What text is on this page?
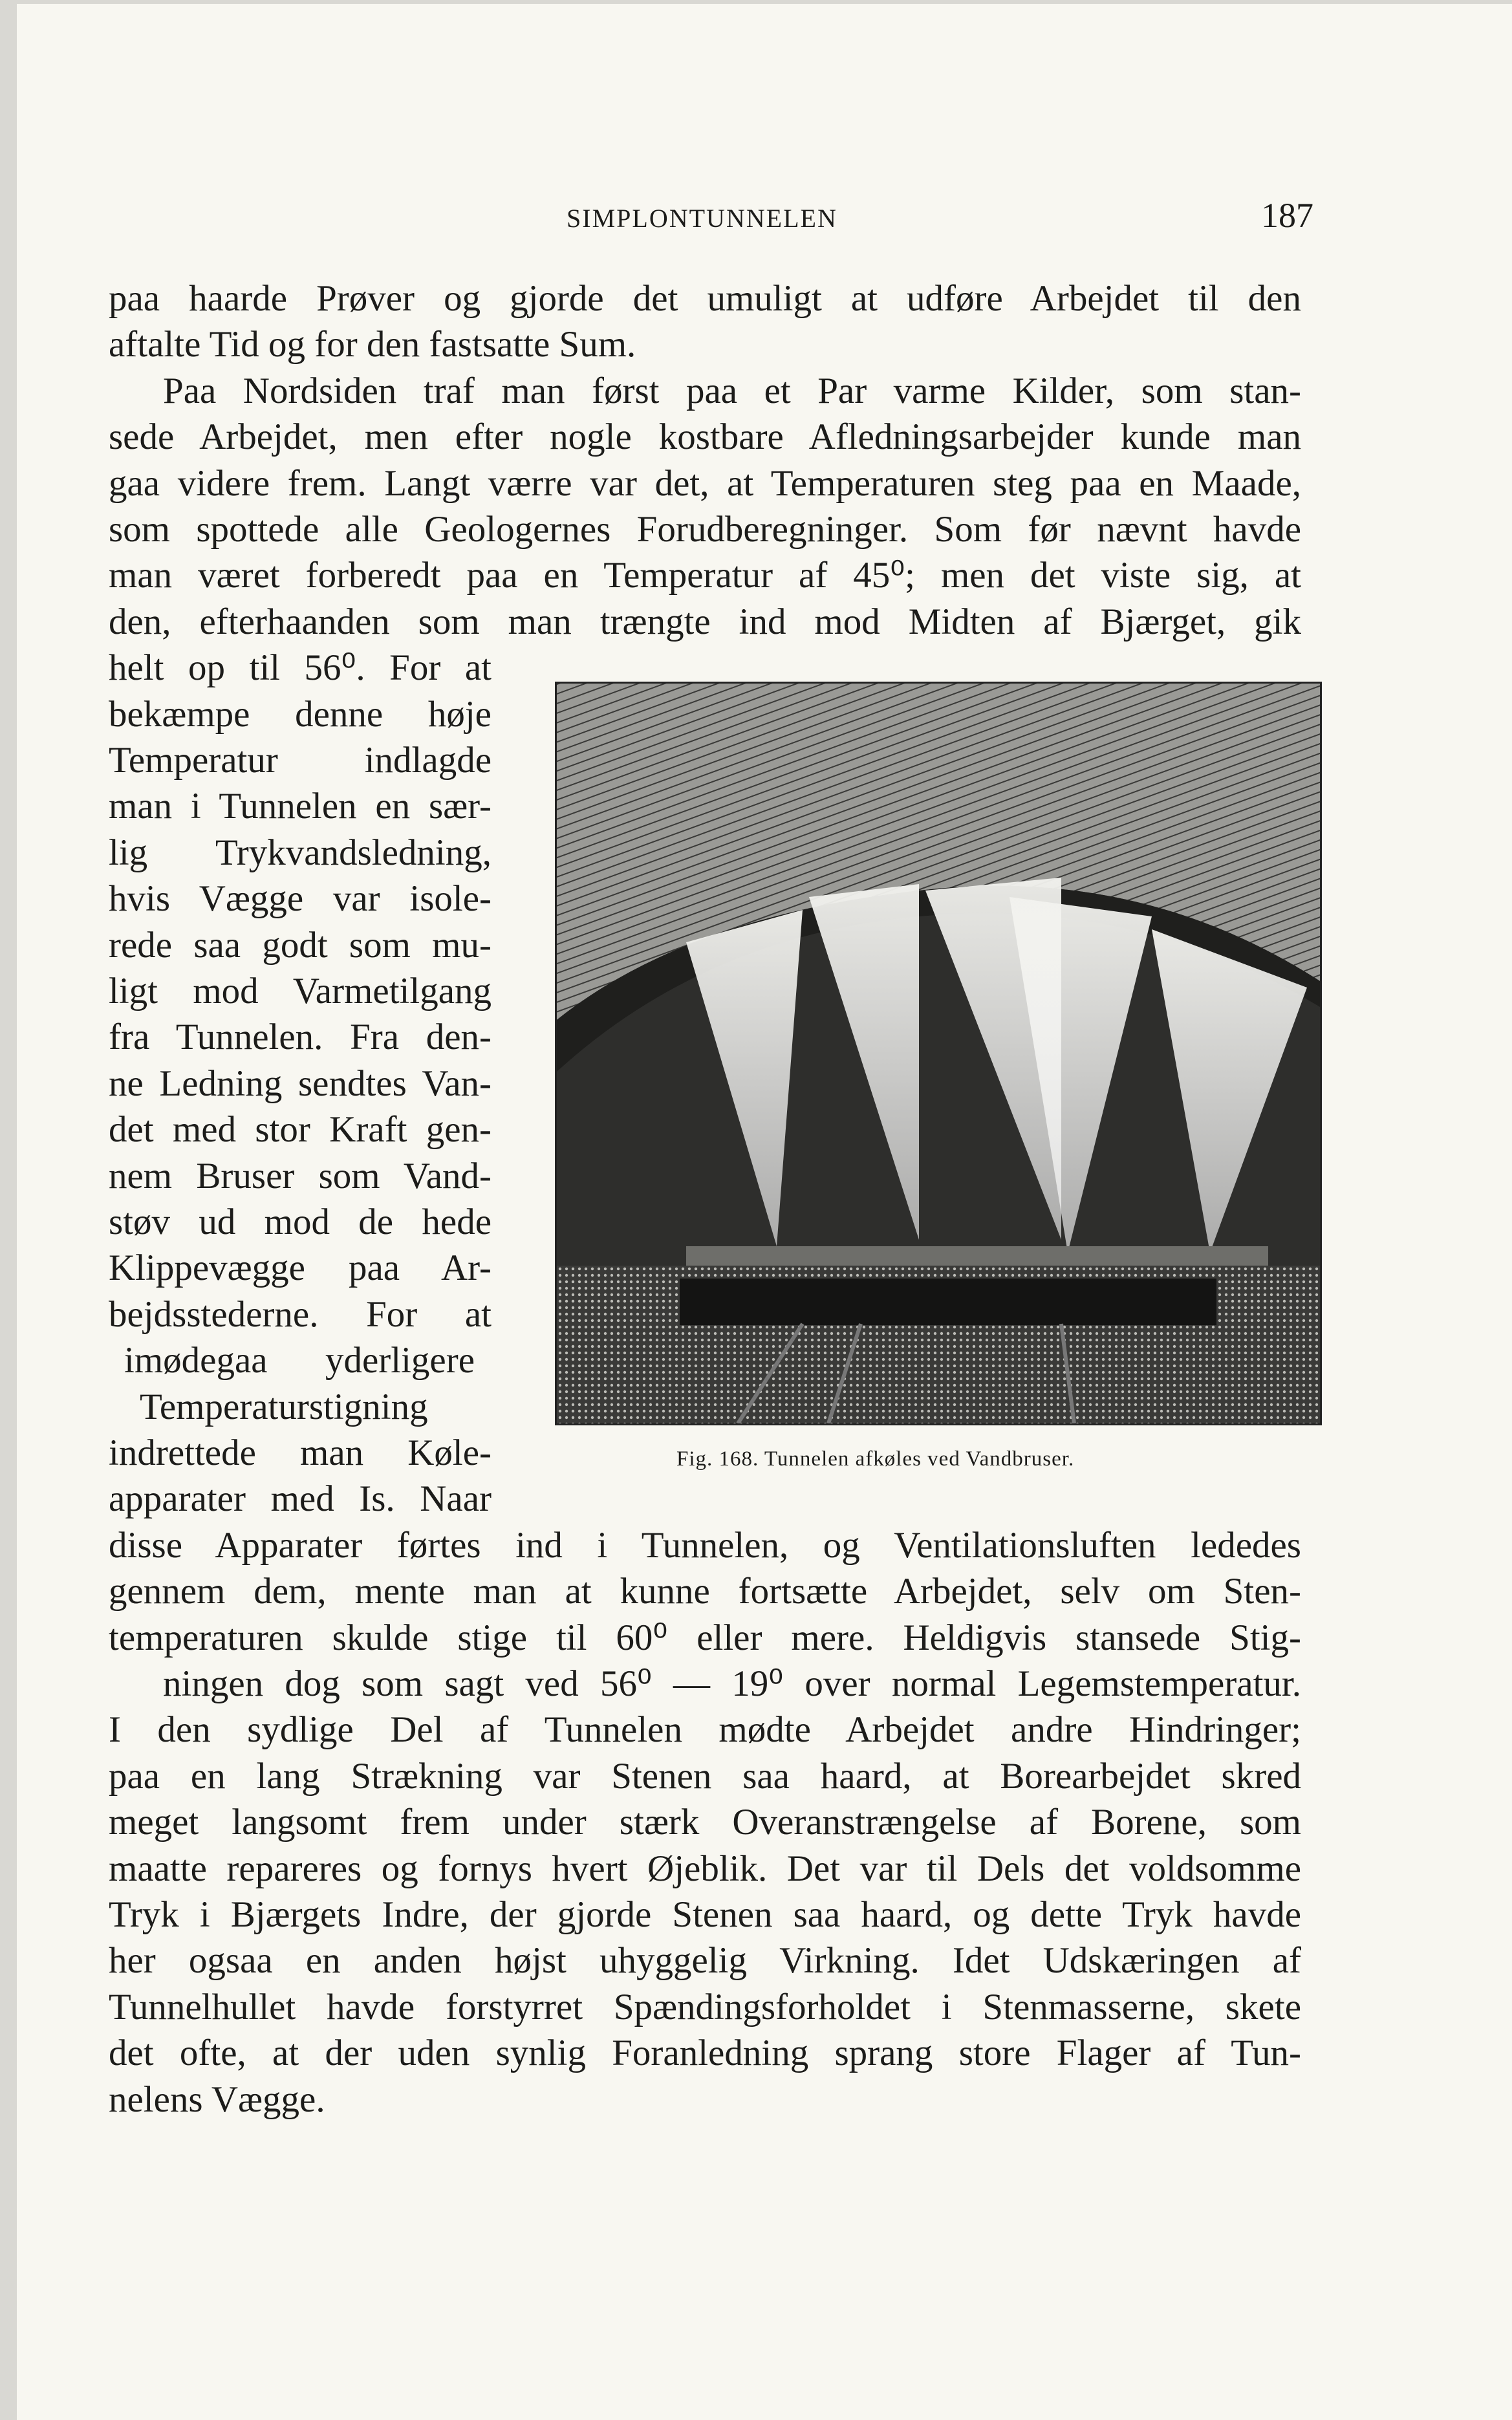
SIMPLONTUNNELEN	187
paa haarde Prøver og gjorde det umuligt at udføre Arbejdet til den
aftalte Tid og for den fastsatte Sum.
Paa Nordsiden traf man først paa et Par varme Kilder, som stan-
sede Arbejdet, men efter nogle kostbare Afledningsarbejder kunde man
gaa videre frem. Langt værre var det, at Temperaturen steg paa en Maade,
som spottede alle Geologernes Forudberegninger. Som før nævnt havde
man været forberedt paa en Temperatur af 45⁰; men det viste sig, at
den, efterhaanden som man trængte ind mod Midten af Bjærget, gik
helt op til 56⁰. For at
bekæmpe denne høje
Temperatur indlagde
man i Tunnelen en sær-
lig Trykvandsledning,
hvis Vægge var isole-
rede saa godt som mu-
ligt mod Varmetilgang
fra Tunnelen. Fra den-
ne Ledning sendtes Van-
det med stor Kraft gen-
nem Bruser som Vand-
støv ud mod de hede
Klippevægge paa Ar-
bejdsstederne. For at
imødegaa yderligere
Temperaturstigning
indrettede man Køle-
apparater med Is. Naar
disse Apparater førtes ind i Tunnelen, og Ventilationsluften lededes
gennem dem, mente man at kunne fortsætte Arbejdet, selv om Sten-
temperaturen skulde stige til 60⁰ eller mere. Heldigvis stansede Stig-
ningen dog som sagt ved 56⁰ — 19⁰ over normal Legemstemperatur.
I den sydlige Del af Tunnelen mødte Arbejdet andre Hindringer;
paa en lang Strækning var Stenen saa haard, at Borearbejdet skred
meget langsomt frem under stærk Overanstrængelse af Borene, som
maatte repareres og fornys hvert Øjeblik. Det var til Dels det voldsomme
Tryk i Bjærgets Indre, der gjorde Stenen saa haard, og dette Tryk havde
her ogsaa en anden højst uhyggelig Virkning. Idet Udskæringen af
Tunnelhullet havde forstyrret Spændingsforholdet i Stenmasserne, skete
det ofte, at der uden synlig Foranledning sprang store Flager af Tun-
nelens Vægge.
Fig. 168. Tunnelen afkøles ved Vandbruser.
